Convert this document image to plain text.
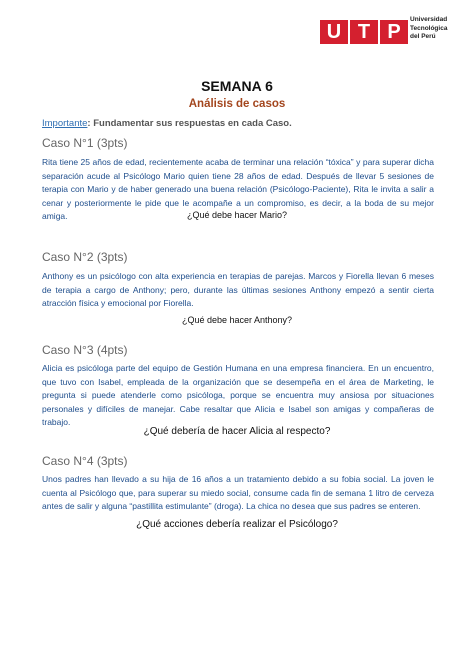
U T P
Universidad
Tecnológica
del Perú
SEMANA 6
Análisis de casos
Importante: Fundamentar sus respuestas en cada Caso.
Caso N°1 (3pts)
Rita tiene 25 años de edad, recientemente acaba de terminar una relación “tóxica” y para superar dicha separación acude al Psicólogo Mario quien tiene 28 años de edad. Después de llevar 5 sesiones de terapia con Mario y de haber generado una buena relación (Psicólogo-Paciente), Rita le invita a salir a cenar y posteriormente le pide que le acompañe a un compromiso, es decir, a la boda de su mejor amiga.	¿Qué debe hacer Mario?
Caso N°2 (3pts)
Anthony es un psicólogo con alta experiencia en terapias de parejas. Marcos y Fiorella llevan 6 meses de terapia a cargo de Anthony; pero, durante las últimas sesiones Anthony empezó a sentir cierta atracción física y emocional por Fiorella.
¿Qué debe hacer Anthony?
Caso N°3 (4pts)
Alicia es psicóloga parte del equipo de Gestión Humana en una empresa financiera. En un encuentro, que tuvo con Isabel, empleada de la organización que se desempeña en el área de Marketing, le pregunta si puede atenderle como psicóloga, porque se encuentra muy ansiosa por situaciones personales y difíciles de manejar. Cabe resaltar que Alicia e Isabel son amigas y compañeras de trabajo.
¿Qué debería de hacer Alicia al respecto?
Caso N°4 (3pts)
Unos padres han llevado a su hija de 16 años a un tratamiento debido a su fobia social. La joven le cuenta al Psicólogo que, para superar su miedo social, consume cada fin de semana 1 litro de cerveza antes de salir y alguna “pastillita estimulante” (droga). La chica no desea que sus padres se enteren.
¿Qué acciones debería realizar el Psicólogo?
